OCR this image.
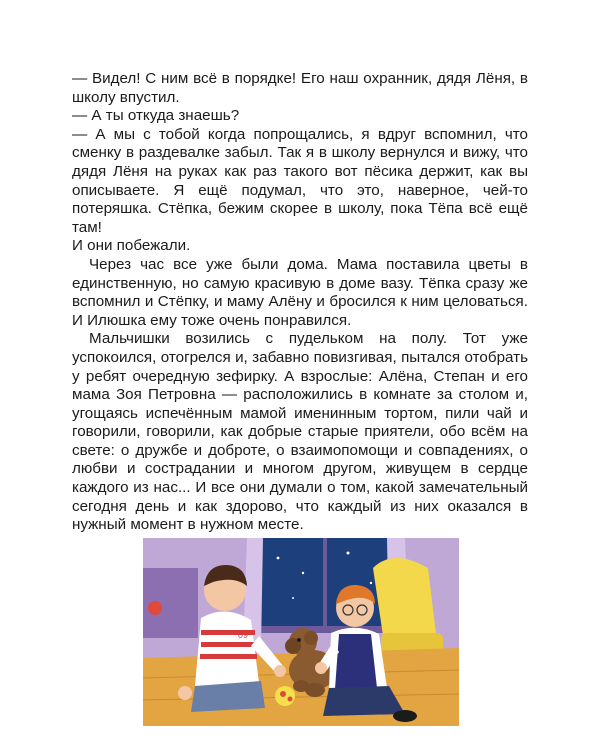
— Видел! С ним всё в порядке! Его наш охранник, дядя Лёня, в школу впустил.

— А ты откуда знаешь?

— А мы с тобой когда попрощались, я вдруг вспомнил, что сменку в раздевалке забыл. Так я в школу вернулся и вижу, что дядя Лёня на руках как раз такого вот пёсика держит, как вы описываете. Я ещё подумал, что это, наверное, чей-то потеряшка. Стёпка, бежим скорее в школу, пока Тёпа всё ещё там!

И они побежали.

Через час все уже были дома. Мама поставила цветы в единственную, но самую красивую в доме вазу. Тёпка сразу же вспомнил и Стёпку, и маму Алёну и бросился к ним целоваться. И Илюшка ему тоже очень понравился.

Мальчишки возились с пудельком на полу. Тот уже успокоился, отогрелся и, забавно повизгивая, пытался отобрать у ребят очередную зефирку. А взрослые: Алёна, Степан и его мама Зоя Петровна — расположились в комнате за столом и, угощаясь испечённым мамой именинным тортом, пили чай и говорили, говорили, как добрые старые приятели, обо всём на свете: о дружбе и доброте, о взаимопомощи и совпадениях, о любви и сострадании и многом другом, живущем в сердце каждого из нас... И все они думали о том, какой замечательный сегодня день и как здорово, что каждый из них оказался в нужный момент в нужном месте.

09
